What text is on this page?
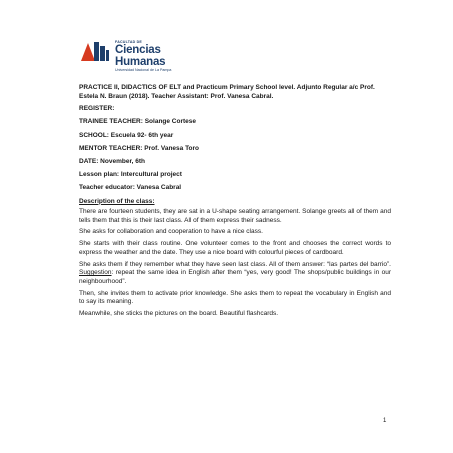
FACULTAD DE
Ciencias Humanas
Universidad Nacional de La Pampa

PRACTICE II, DIDACTICS OF ELT and Practicum Primary School level. Adjunto Regular a/c Prof. Estela N. Braun (2018). Teacher Assistant: Prof. Vanesa Cabral.

REGISTER:

TRAINEE TEACHER: Solange Cortese

SCHOOL: Escuela 92- 6th year

MENTOR TEACHER: Prof. Vanesa Toro

DATE: November, 6th

Lesson plan: Intercultural project

Teacher educator: Vanesa Cabral

Description of the class:

There are fourteen students, they are sat in a U-shape seating arrangement. Solange greets all of them and tells them that this is their last class. All of them express their sadness.

She asks for collaboration and cooperation to have a nice class.

She starts with their class routine. One volunteer comes to the front and chooses the correct words to express the weather and the date. They use a nice board with colourful pieces of cardboard.

She asks them if they remember what they have seen last class. All of them answer: “las partes del barrio”. Suggestion: repeat the same idea in English after them “yes, very good! The shops/public buildings in our neighbourhood”.

Then, she invites them to activate prior knowledge. She asks them to repeat the vocabulary in English and to say its meaning.

Meanwhile, she sticks the pictures on the board. Beautiful flashcards.

1
